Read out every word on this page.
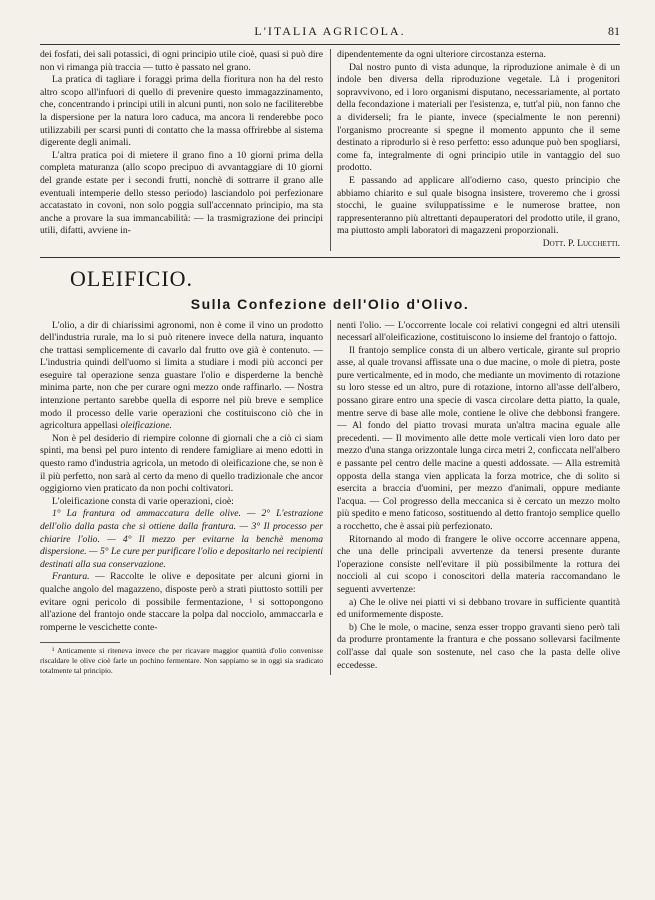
L'ITALIA AGRICOLA.	81

dei fosfati, dei sali potassici, di ogni principio utile cioè, quasi si può dire non vi rimanga più traccia — tutto è passato nel grano.

La pratica di tagliare i foraggi prima della fioritura non ha del resto altro scopo all'infuori di quello di prevenire questo immagazzinamento, che, concentrando i principi utili in alcuni punti, non solo ne faciliterebbe la dispersione per la natura loro caduca, ma ancora li renderebbe poco utilizzabili per scarsi punti di contatto che la massa offrirebbe al sistema digerente degli animali.

L'altra pratica poi di mietere il grano fino a 10 giorni prima della completa maturanza (allo scopo precipuo di avvantaggiare di 10 giorni del grande estate per i secondi frutti, nonchè di sottrarre il grano alle eventuali intemperie dello stesso periodo) lasciandolo poi perfezionare accatastato in covoni, non solo poggia sull'accennato principio, ma sta anche a provare la sua immancabilità: — la trasmigrazione dei principi utili, difatti, avviene in-

dipendentemente da ogni ulteriore circostanza esterna.

Dal nostro punto di vista adunque, la riproduzione animale è di un indole ben diversa della riproduzione vegetale. Là i progenitori sopravvivono, ed i loro organismi disputano, necessariamente, al portato della fecondazione i materiali per l'esistenza, e, tutt'al più, non fanno che a dividerseli; fra le piante, invece (specialmente le non perenni) l'organismo procreante si spegne il momento appunto che il seme destinato a riprodurlo si è reso perfetto: esso adunque può ben spogliarsi, come fa, integralmente di ogni principio utile in vantaggio del suo prodotto.

E passando ad applicare all'odierno caso, questo principio che abbiamo chiarito e sul quale bisogna insistere, troveremo che i grossi stocchi, le guaine sviluppatissime e le numerose brattee, non rappresenteranno più altrettanti depauperatori del prodotto utile, il grano, ma piuttosto ampli laboratori di magazzeni proporzionali.

Dott. P. Lucchetti.

OLEIFICIO.
Sulla Confezione dell'Olio d'Olivo.

L'olio, a dir di chiarissimi agronomi, non è come il vino un prodotto dell'industria rurale, ma lo si può ritenere invece della natura, inquanto che trattasi semplicemente di cavarlo dal frutto ove già è contenuto. — L'industria quindi dell'uomo si limita a studiare i modi più acconci per eseguire tal operazione senza guastare l'olio e disperderne la benchè minima parte, non che per curare ogni mezzo onde raffinarlo. — Nostra intenzione pertanto sarebbe quella di esporre nel più breve e semplice modo il processo delle varie operazioni che costituiscono ciò che in agricoltura appellasi oleificazione.

Non è pel desiderio di riempire colonne di giornali che a ciò ci siam spinti, ma bensì pel puro intento di rendere famigliare ai meno edotti in questo ramo d'industria agricola, un metodo di oleificazione che, se non è il più perfetto, non sarà al certo da meno di quello tradizionale che ancor oggigiorno vien praticato da non pochi coltivatori.

L'oleificazione consta di varie operazioni, cioè:

1° La frantura od ammaccatura delle olive. — 2° L'estrazione dell'olio dalla pasta che si ottiene dalla frantura. — 3° Il processo per chiarire l'olio. — 4° Il mezzo per evitarne la benchè menoma dispersione. — 5° Le cure per purificare l'olio e depositarlo nei recipienti destinati alla sua conservazione.

Frantura. — Raccolte le olive e depositate per alcuni giorni in qualche angolo del magazzeno, disposte però a strati piuttosto sottili per evitare ogni pericolo di possibile fermentazione, ¹ si sottopongono all'azione del frantojo onde staccare la polpa dal nocciolo, ammaccarla e romperne le vescichette conte-

¹ Anticamente si riteneva invece che per ricavare maggior quantità d'olio convenisse riscaldare le olive cioè farle un pochino fermentare. Non sappiamo se in oggi sia sradicato totalmente tal principio.

nenti l'olio. — L'occorrente locale coi relativi congegni ed altri utensili necessarî all'oleificazione, costituiscono lo insieme del frantojo o fattojo.

Il frantojo semplice consta di un albero verticale, girante sul proprio asse, al quale trovansi affissate una o due macine, o mole di pietra, poste pure verticalmente, ed in modo, che mediante un movimento di rotazione su loro stesse ed un altro, pure di rotazione, intorno all'asse dell'albero, possano girare entro una specie di vasca circolare detta piatto, la quale, mentre serve di base alle mole, contiene le olive che debbonsi frangere. — Al fondo del piatto trovasi murata un'altra macina eguale alle precedenti. — Il movimento alle dette mole verticali vien loro dato per mezzo d'una stanga orizzontale lunga circa metri 2, conficcata nell'albero e passante pel centro delle macine a questi addossate. — Alla estremità opposta della stanga vien applicata la forza motrice, che di solito si esercita a braccia d'uomini, per mezzo d'animali, oppure mediante l'acqua. — Col progresso della meccanica si è cercato un mezzo molto più spedito e meno faticoso, sostituendo al detto frantojo semplice quello a rocchetto, che è assai più perfezionato.

Ritornando al modo di frangere le olive occorre accennare appena, che una delle principali avvertenze da tenersi presente durante l'operazione consiste nell'evitare il più possibilmente la rottura dei noccioli al cui scopo i conoscitori della materia raccomandano le seguenti avvertenze:

a) Che le olive nei piatti vi si debbano trovare in sufficiente quantità ed uniformemente disposte.

b) Che le mole, o macine, senza esser troppo gravanti sieno però tali da produrre prontamente la frantura e che possano sollevarsi facilmente coll'asse dal quale son sostenute, nel caso che la pasta delle olive eccedesse.
